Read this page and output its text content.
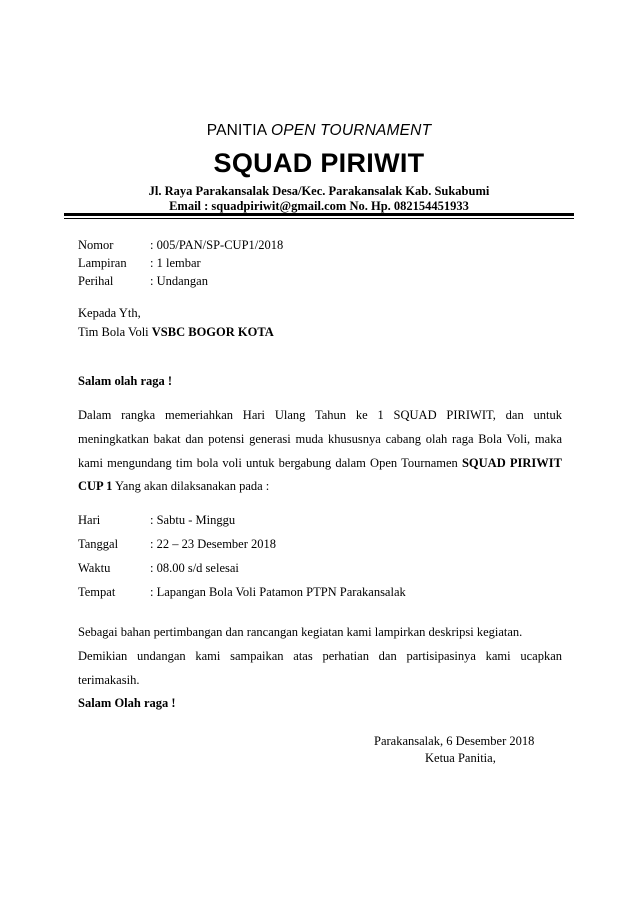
PANITIA OPEN TOURNAMENT
SQUAD PIRIWIT
Jl. Raya Parakansalak Desa/Kec. Parakansalak Kab. Sukabumi
Email : squadpiriwit@gmail.com No. Hp. 082154451933
Nomor	: 005/PAN/SP-CUP1/2018
Lampiran : 1 lembar
Perihal	: Undangan
Kepada Yth,
Tim Bola Voli VSBC BOGOR KOTA
Salam olah raga !
Dalam rangka memeriahkan Hari Ulang Tahun ke 1 SQUAD PIRIWIT, dan untuk
meningkatkan bakat dan potensi generasi muda khususnya cabang olah raga Bola Voli, maka
kami mengundang tim bola voli untuk bergabung dalam Open Tournamen SQUAD PIRIWIT
CUP 1 Yang akan dilaksanakan pada :
Hari	: Sabtu - Minggu
Tanggal	: 22 – 23 Desember 2018
Waktu	: 08.00 s/d selesai
Tempat	: Lapangan Bola Voli Patamon PTPN Parakansalak
Sebagai bahan pertimbangan dan rancangan kegiatan kami lampirkan deskripsi kegiatan.
Demikian undangan kami sampaikan atas perhatian dan partisipasinya kami ucapkan
terimakasih.
Salam Olah raga !
Parakansalak, 6 Desember 2018
Ketua Panitia,
